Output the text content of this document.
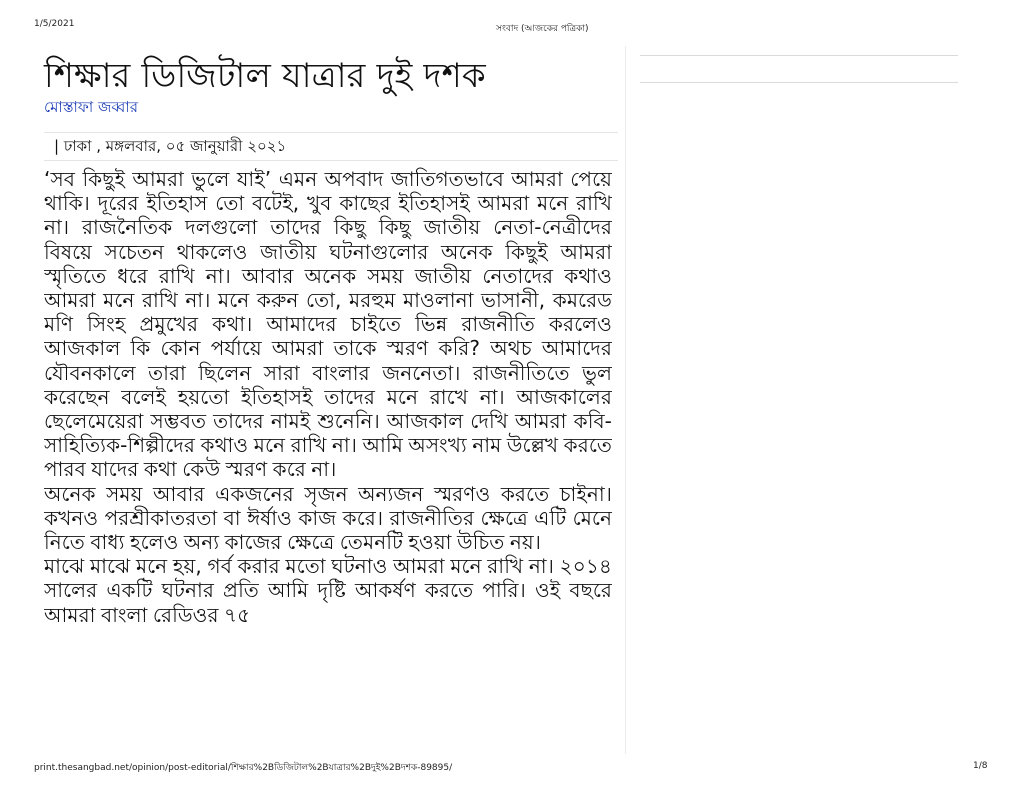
1/5/2021	সংবাদ (আজকের পত্রিকা)
শিক্ষার ডিজিটাল যাত্রার দুই দশক
মোস্তাফা জব্বার
| ঢাকা , মঙ্গলবার, ০৫ জানুয়ারী ২০২১

‘সব কিছুই আমরা ভুলে যাই’ এমন অপবাদ জাতিগতভাবে আমরা পেয়ে থাকি। দূরের ইতিহাস তো বটেই, খুব কাছের ইতিহাসই আমরা মনে রাখি না। রাজনৈতিক দলগুলো তাদের কিছু কিছু জাতীয় নেতা-নেত্রীদের বিষয়ে সচেতন থাকলেও জাতীয় ঘটনাগুলোর অনেক কিছুই আমরা স্মৃতিতে ধরে রাখি না। আবার অনেক সময় জাতীয় নেতাদের কথাও আমরা মনে রাখি না। মনে করুন তো, মরহুম মাওলানা ভাসানী, কমরেড মণি সিংহ প্রমুখের কথা। আমাদের চাইতে ভিন্ন রাজনীতি করলেও আজকাল কি কোন পর্যায়ে আমরা তাকে স্মরণ করি? অথচ আমাদের যৌবনকালে তারা ছিলেন সারা বাংলার জননেতা। রাজনীতিতে ভুল করেছেন বলেই হয়তো ইতিহাসই তাদের মনে রাখে না। আজকালের ছেলেমেয়েরা সম্ভবত তাদের নামই শুনেনি। আজকাল দেখি আমরা কবি-সাহিত্যিক-শিল্পীদের কথাও মনে রাখি না। আমি অসংখ্য নাম উল্লেখ করতে পারব যাদের কথা কেউ স্মরণ করে না।

অনেক সময় আবার একজনের সৃজন অন্যজন স্মরণও করতে চাইনা। কখনও পরশ্রীকাতরতা বা ঈর্ষাও কাজ করে। রাজনীতির ক্ষেত্রে এটি মেনে নিতে বাধ্য হলেও অন্য কাজের ক্ষেত্রে তেমনটি হওয়া উচিত নয়।

মাঝে মাঝে মনে হয়, গর্ব করার মতো ঘটনাও আমরা মনে রাখি না। ২০১৪ সালের একটি ঘটনার প্রতি আমি দৃষ্টি আকর্ষণ করতে পারি। ওই বছরে আমরা বাংলা রেডিওর ৭৫

print.thesangbad.net/opinion/post-editorial/শিক্ষার%2Bডিজিটাল%2Bযাত্রার%2Bদুই%2Bদশক-89895/	1/8
